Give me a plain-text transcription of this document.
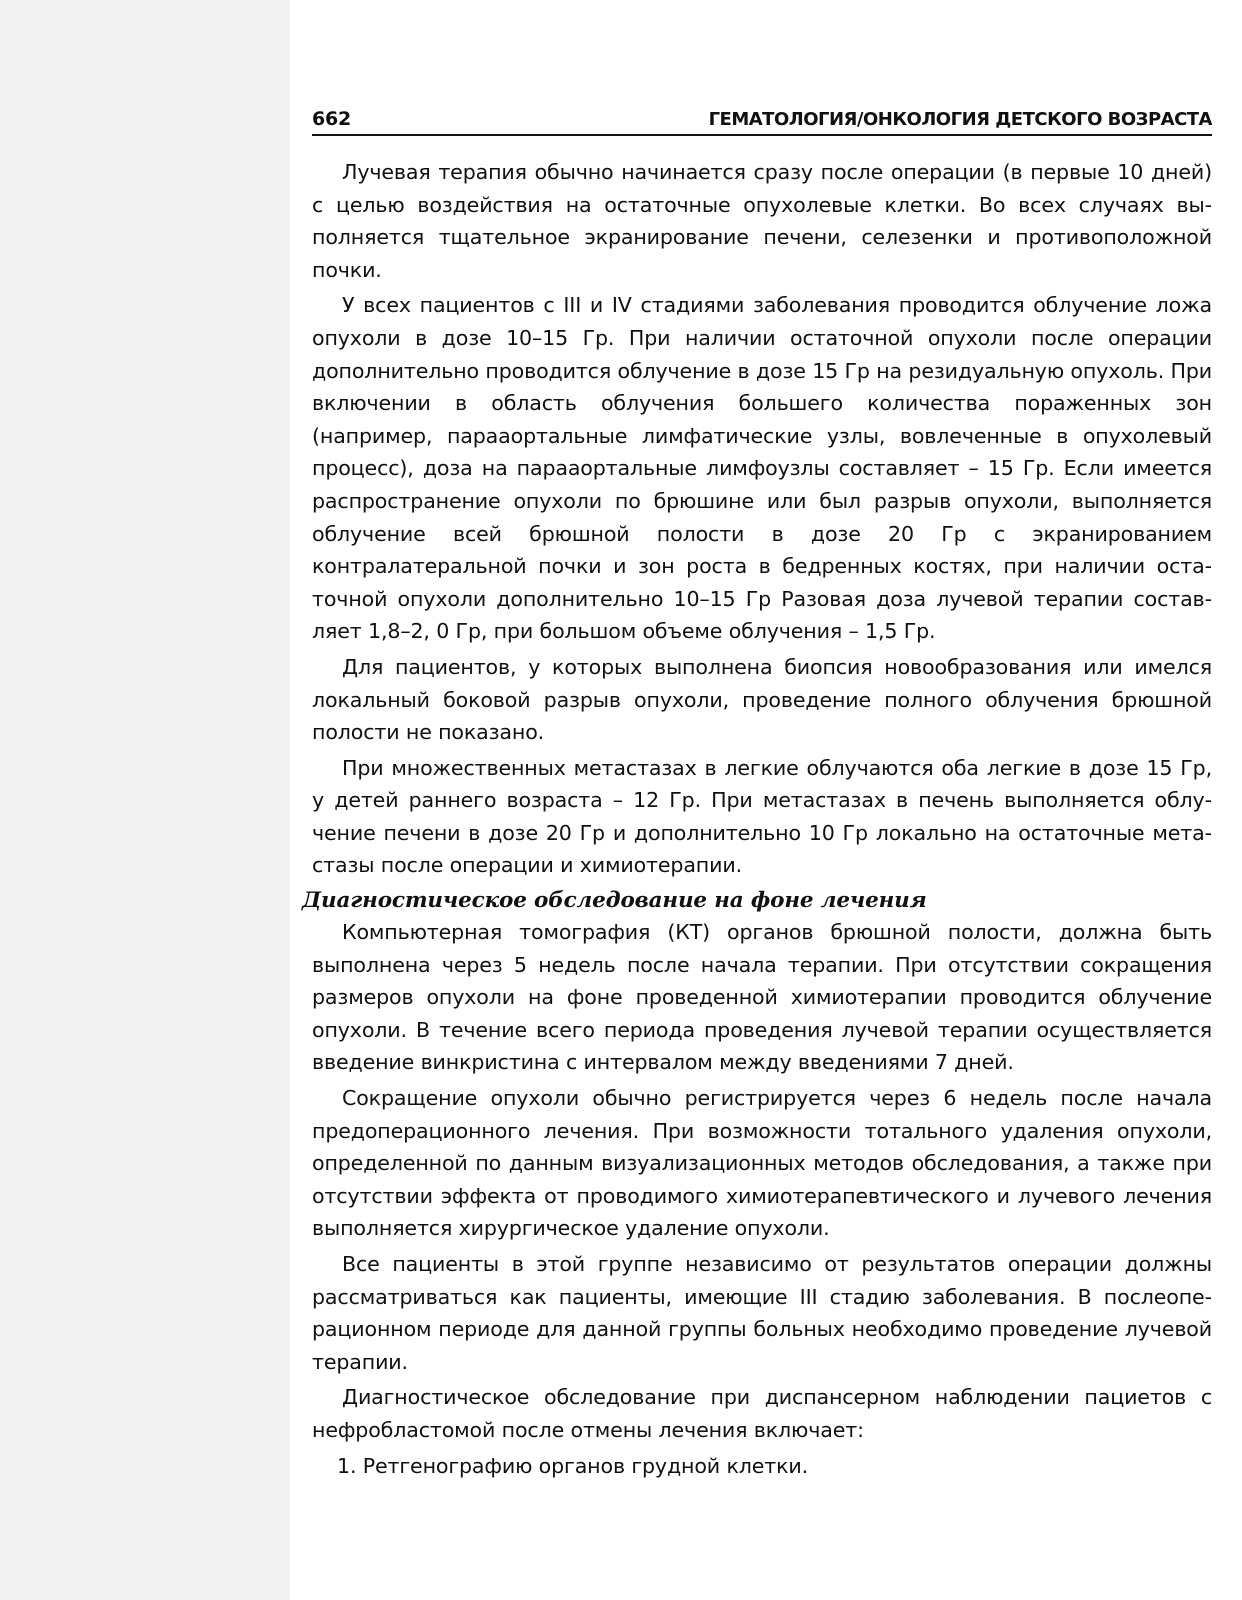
662	ГЕМАТОЛОГИЯ/ОНКОЛОГИЯ ДЕТСКОГО ВОЗРАСТА

Лучевая терапия обычно начинается сразу после операции (в первые 10 дней) с целью воздействия на остаточные опухолевые клетки. Во всех случаях выполняется тщательное экранирование печени, селезенки и противоположной почки.

У всех пациентов с III и IV стадиями заболевания проводится облучение ложа опухоли в дозе 10–15 Гр. При наличии остаточной опухоли после операции дополнительно проводится облучение в дозе 15 Гр на резидуальную опухоль. При включении в область облучения большего количества пораженных зон (например, парааортальные лимфатические узлы, вовлеченные в опухолевый процесс), доза на парааортальные лимфоузлы составляет – 15 Гр. Если имеется распространение опухоли по брюшине или был разрыв опухоли, выполняется облучение всей брюшной полости в дозе 20 Гр с экранированием контралатеральной почки и зон роста в бедренных костях, при наличии остаточной опухоли дополнительно 10–15 Гр Разовая доза лучевой терапии составляет 1,8–2, 0 Гр, при большом объеме облучения – 1,5 Гр.

Для пациентов, у которых выполнена биопсия новообразования или имелся локальный боковой разрыв опухоли, проведение полного облучения брюшной полости не показано.

При множественных метастазах в легкие облучаются оба легкие в дозе 15 Гр, у детей раннего возраста – 12 Гр. При метастазах в печень выполняется облучение печени в дозе 20 Гр и дополнительно 10 Гр локально на остаточные метастазы после операции и химиотерапии.

Диагностическое обследование на фоне лечения

Компьютерная томография (КТ) органов брюшной полости, должна быть выполнена через 5 недель после начала терапии. При отсутствии сокращения размеров опухоли на фоне проведенной химиотерапии проводится облучение опухоли. В течение всего периода проведения лучевой терапии осуществляется введение винкристина с интервалом между введениями 7 дней.

Сокращение опухоли обычно регистрируется через 6 недель после начала предоперационного лечения. При возможности тотального удаления опухоли, определенной по данным визуализационных методов обследования, а также при отсутствии эффекта от проводимого химиотерапевтического и лучевого лечения выполняется хирургическое удаление опухоли.

Все пациенты в этой группе независимо от результатов операции должны рассматриваться как пациенты, имеющие III стадию заболевания. В послеоперационном периоде для данной группы больных необходимо проведение лучевой терапии.

Диагностическое обследование при диспансерном наблюдении пациетов с нефробластомой после отмены лечения включает:

1. Ретгенографию органов грудной клетки.
